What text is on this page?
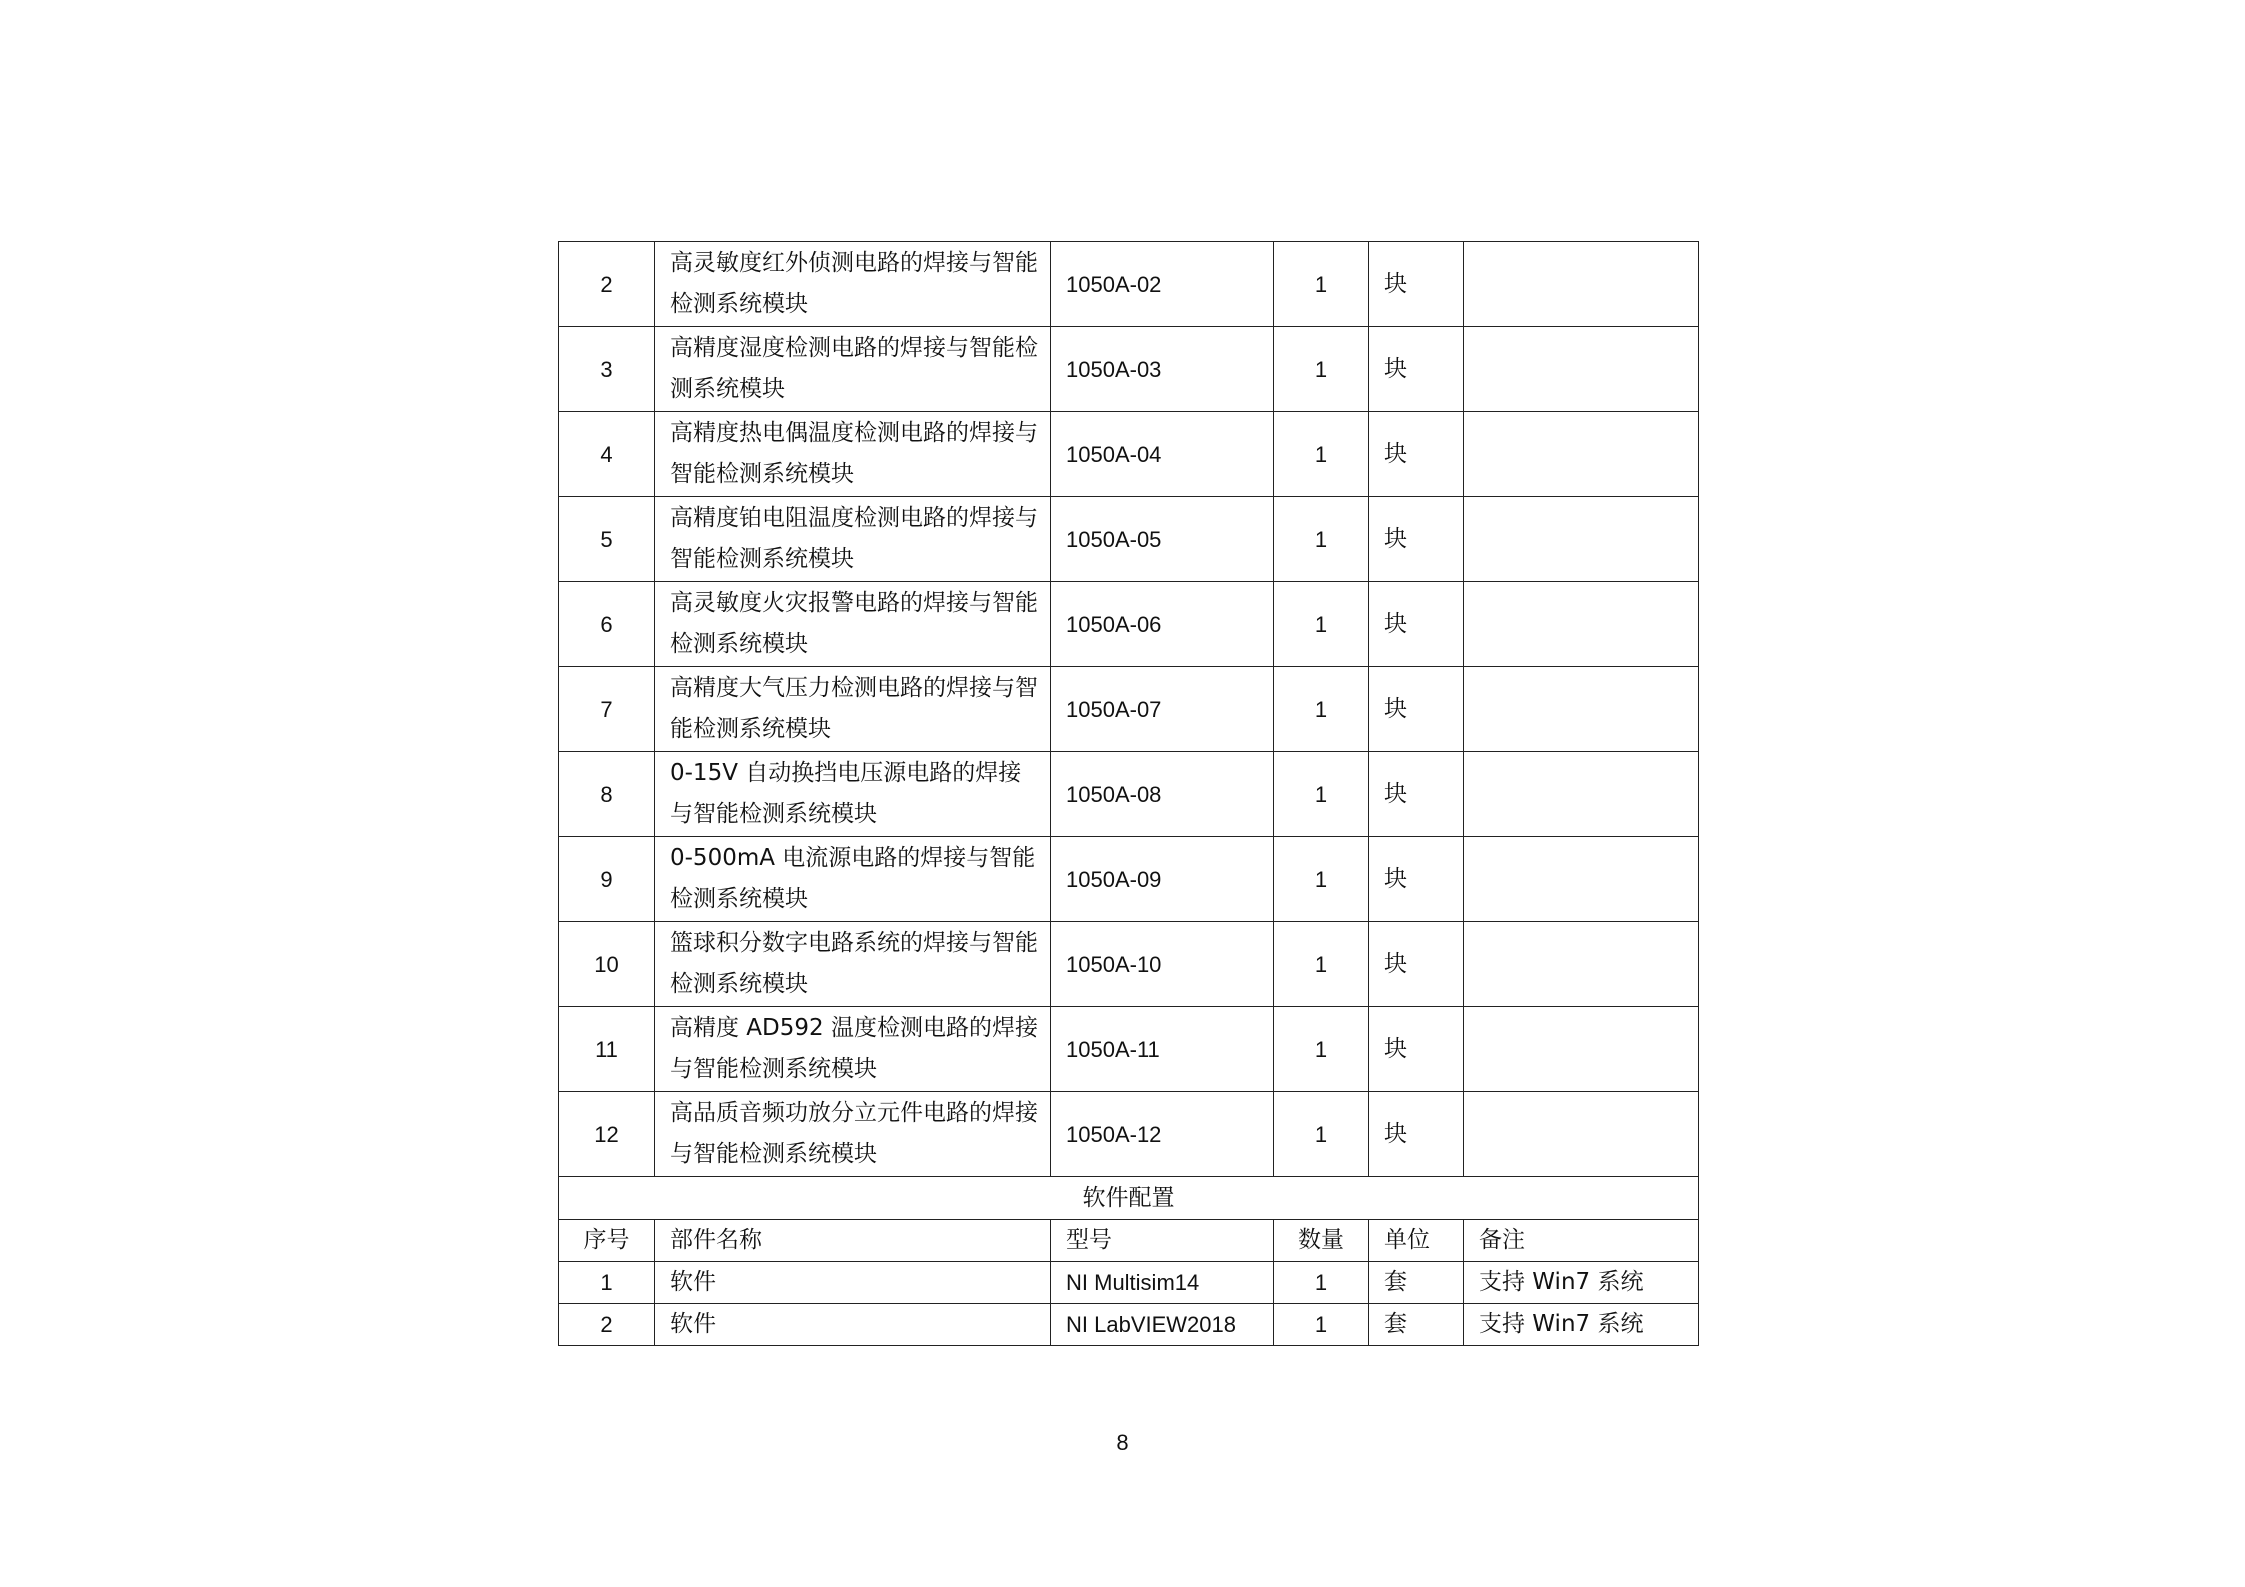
2	高灵敏度红外侦测电路的焊接与智能检测系统模块	1050A-02	1	块	
3	高精度湿度检测电路的焊接与智能检测系统模块	1050A-03	1	块	
4	高精度热电偶温度检测电路的焊接与智能检测系统模块	1050A-04	1	块	
5	高精度铂电阻温度检测电路的焊接与智能检测系统模块	1050A-05	1	块	
6	高灵敏度火灾报警电路的焊接与智能检测系统模块	1050A-06	1	块	
7	高精度大气压力检测电路的焊接与智能检测系统模块	1050A-07	1	块	
8	0-15V 自动换挡电压源电路的焊接与智能检测系统模块	1050A-08	1	块	
9	0-500mA 电流源电路的焊接与智能检测系统模块	1050A-09	1	块	
10	篮球积分数字电路系统的焊接与智能检测系统模块	1050A-10	1	块	
11	高精度 AD592 温度检测电路的焊接与智能检测系统模块	1050A-11	1	块	
12	高品质音频功放分立元件电路的焊接与智能检测系统模块	1050A-12	1	块	
软件配置					
序号	部件名称	型号	数量	单位	备注
1	软件	NI Multisim14	1	套	支持 Win7 系统
2	软件	NI LabVIEW2018	1	套	支持 Win7 系统
8
